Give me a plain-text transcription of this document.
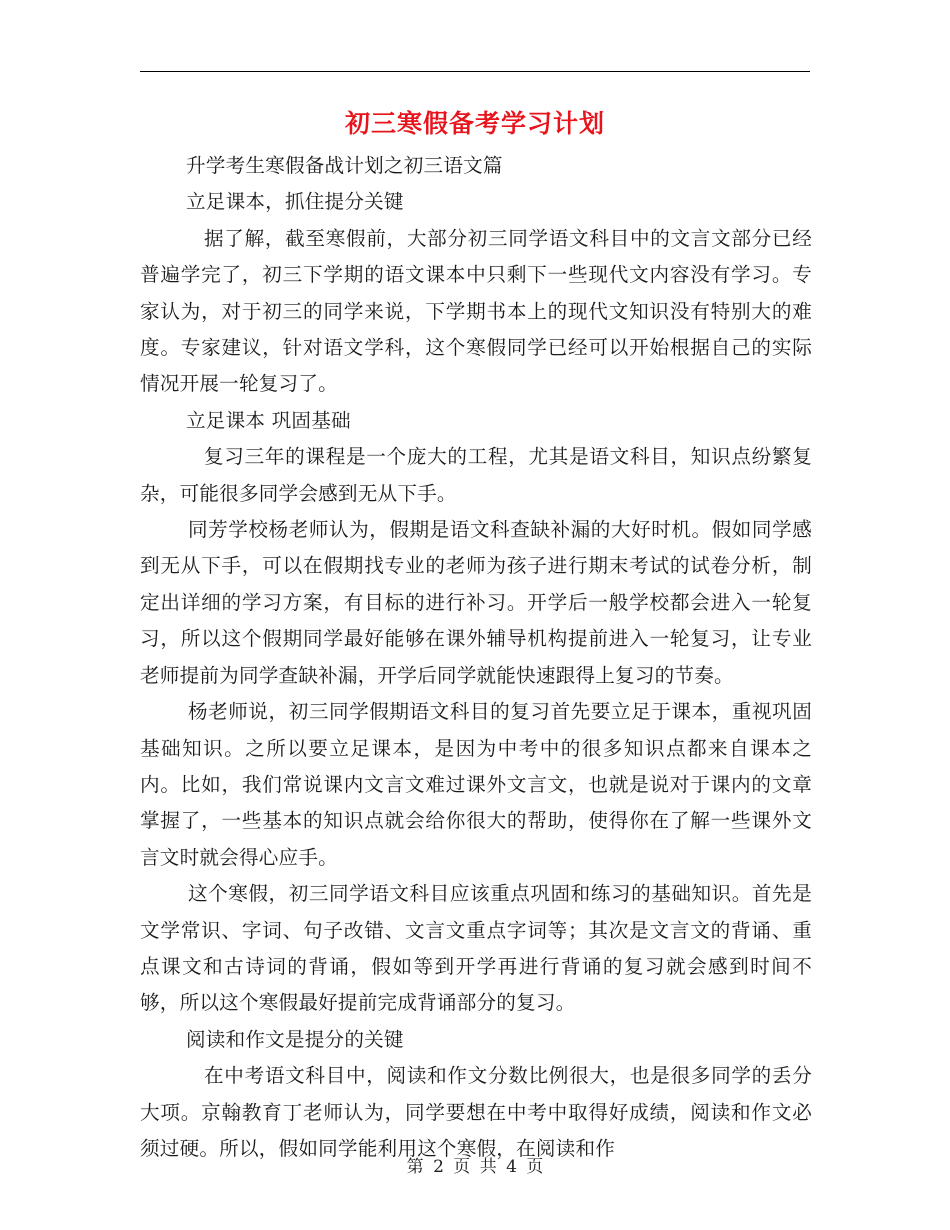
初三寒假备考学习计划

升学考生寒假备战计划之初三语文篇

立足课本，抓住提分关键

据了解，截至寒假前，大部分初三同学语文科目中的文言文部分已经普遍学完了，初三下学期的语文课本中只剩下一些现代文内容没有学习。专家认为，对于初三的同学来说，下学期书本上的现代文知识没有特别大的难度。专家建议，针对语文学科，这个寒假同学已经可以开始根据自己的实际情况开展一轮复习了。

立足课本 巩固基础

复习三年的课程是一个庞大的工程，尤其是语文科目，知识点纷繁复杂，可能很多同学会感到无从下手。

同芳学校杨老师认为，假期是语文科查缺补漏的大好时机。假如同学感到无从下手，可以在假期找专业的老师为孩子进行期末考试的试卷分析，制定出详细的学习方案，有目标的进行补习。开学后一般学校都会进入一轮复习，所以这个假期同学最好能够在课外辅导机构提前进入一轮复习，让专业老师提前为同学查缺补漏，开学后同学就能快速跟得上复习的节奏。

杨老师说，初三同学假期语文科目的复习首先要立足于课本，重视巩固基础知识。之所以要立足课本，是因为中考中的很多知识点都来自课本之内。比如，我们常说课内文言文难过课外文言文，也就是说对于课内的文章掌握了，一些基本的知识点就会给你很大的帮助，使得你在了解一些课外文言文时就会得心应手。

这个寒假，初三同学语文科目应该重点巩固和练习的基础知识。首先是文学常识、字词、句子改错、文言文重点字词等；其次是文言文的背诵、重点课文和古诗词的背诵，假如等到开学再进行背诵的复习就会感到时间不够，所以这个寒假最好提前完成背诵部分的复习。

阅读和作文是提分的关键

在中考语文科目中，阅读和作文分数比例很大，也是很多同学的丢分大项。京翰教育丁老师认为，同学要想在中考中取得好成绩，阅读和作文必须过硬。所以，假如同学能利用这个寒假，在阅读和作

第 2 页 共 4 页
